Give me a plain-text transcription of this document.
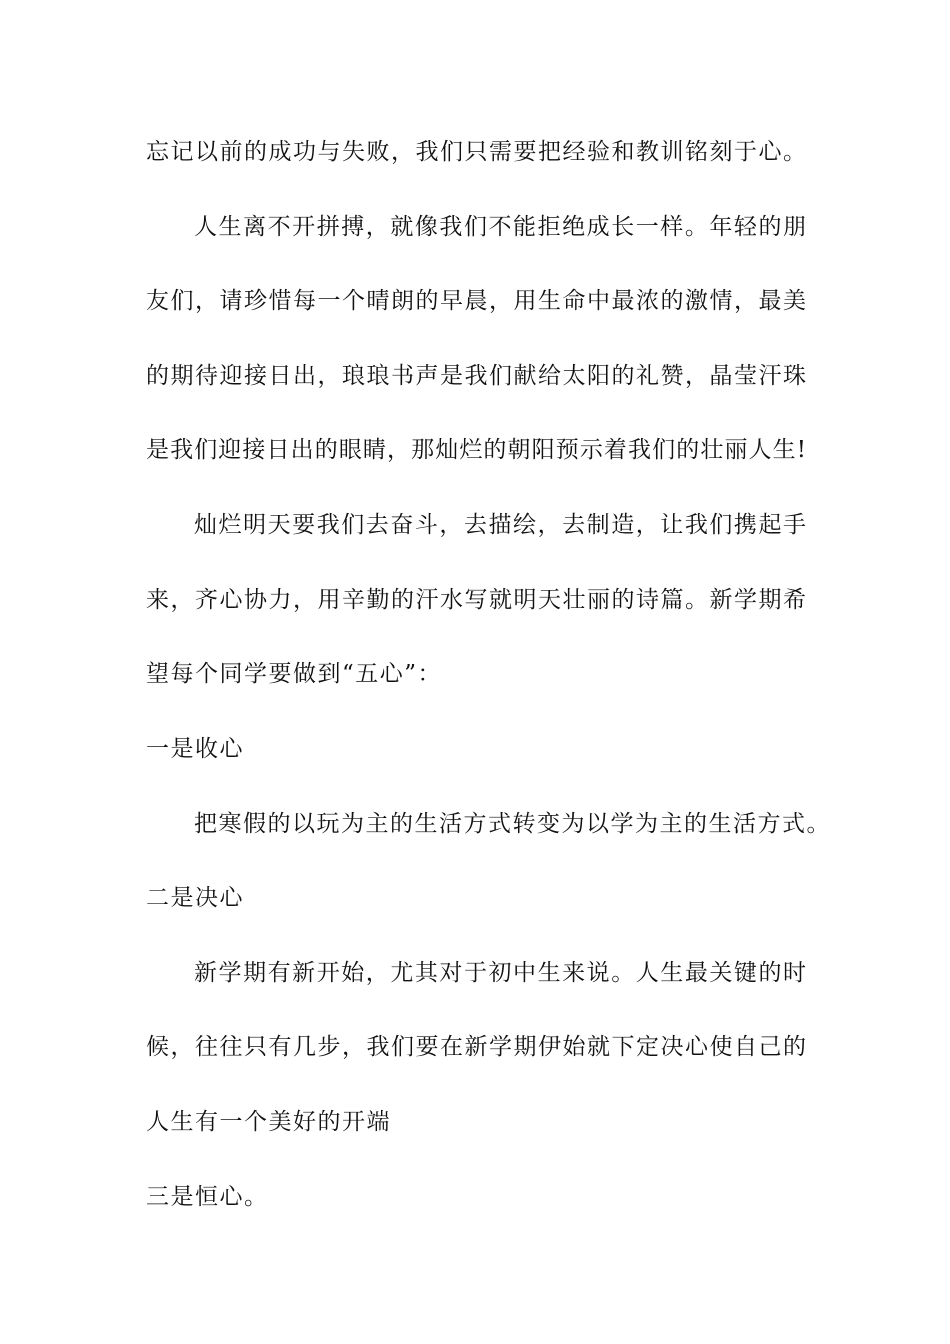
忘记以前的成功与失败，我们只需要把经验和教训铭刻于心。
人生离不开拼搏，就像我们不能拒绝成长一样。年轻的朋
友们，请珍惜每一个晴朗的早晨，用生命中最浓的激情，最美
的期待迎接日出，琅琅书声是我们献给太阳的礼赞，晶莹汗珠
是我们迎接日出的眼睛，那灿烂的朝阳预示着我们的壮丽人生!
灿烂明天要我们去奋斗，去描绘，去制造，让我们携起手
来，齐心协力，用辛勤的汗水写就明天壮丽的诗篇。新学期希
望每个同学要做到“五心”：
一是收心
把寒假的以玩为主的生活方式转变为以学为主的生活方式。
二是决心
新学期有新开始，尤其对于初中生来说。人生最关键的时
候，往往只有几步，我们要在新学期伊始就下定决心使自己的
人生有一个美好的开端
三是恒心。
